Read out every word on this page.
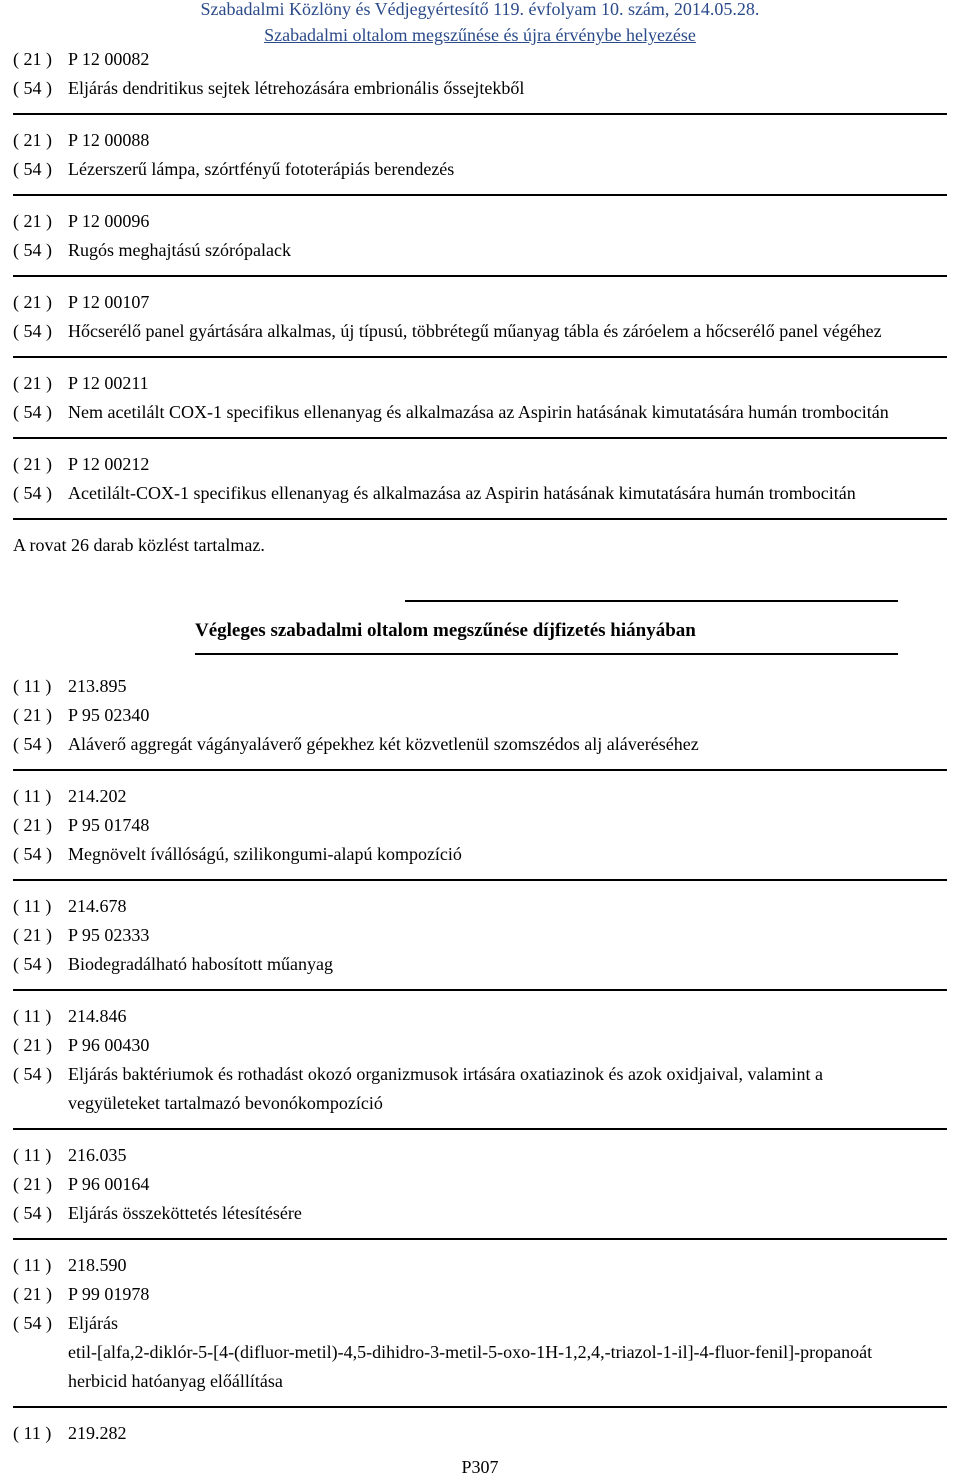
Szabadalmi Közlöny és Védjegyértesítő 119. évfolyam 10. szám, 2014.05.28.
Szabadalmi oltalom megszűnése és újra érvénybe helyezése
( 21 ) P 12 00082
( 54 ) Eljárás dendritikus sejtek létrehozására embrionális őssejtekből
( 21 ) P 12 00088
( 54 ) Lézerszerű lámpa, szórtfényű fototerápiás berendezés
( 21 ) P 12 00096
( 54 ) Rugós meghajtású szórópalack
( 21 ) P 12 00107
( 54 ) Hőcserélő panel gyártására alkalmas, új típusú, többrétegű műanyag tábla és záróelem a hőcserélő panel végéhez
( 21 ) P 12 00211
( 54 ) Nem acetilált COX-1 specifikus ellenanyag és alkalmazása az Aspirin hatásának kimutatására humán trombocitán
( 21 ) P 12 00212
( 54 ) Acetilált-COX-1 specifikus ellenanyag és alkalmazása az Aspirin hatásának kimutatására humán trombocitán
A rovat 26 darab közlést tartalmaz.
Végleges szabadalmi oltalom megszűnése díjfizetés hiányában
( 11 ) 213.895
( 21 ) P 95 02340
( 54 ) Aláverő aggregát vágányaláverő gépekhez két közvetlenül szomszédos alj aláveréséhez
( 11 ) 214.202
( 21 ) P 95 01748
( 54 ) Megnövelt ívállóságú, szilikongumi-alapú kompozíció
( 11 ) 214.678
( 21 ) P 95 02333
( 54 ) Biodegradálható habosított műanyag
( 11 ) 214.846
( 21 ) P 96 00430
( 54 ) Eljárás baktériumok és rothadást okozó organizmusok irtására oxatiazinok és azok oxidjaival, valamint a
vegyületeket tartalmazó bevonókompozíció
( 11 ) 216.035
( 21 ) P 96 00164
( 54 ) Eljárás összeköttetés létesítésére
( 11 ) 218.590
( 21 ) P 99 01978
( 54 ) Eljárás
etil-[alfa,2-diklór-5-[4-(difluor-metil)-4,5-dihidro-3-metil-5-oxo-1H-1,2,4,-triazol-1-il]-4-fluor-fenil]-propanoát
herbicid hatóanyag előállítása
( 11 ) 219.282
P307
